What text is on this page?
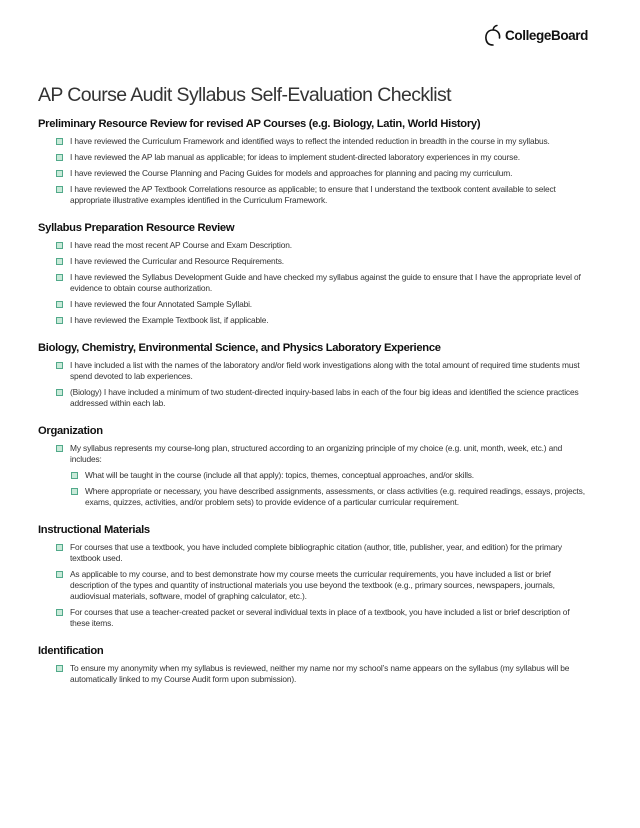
CollegeBoard
AP Course Audit Syllabus Self-Evaluation Checklist
Preliminary Resource Review for revised AP Courses (e.g. Biology, Latin, World History)
I have reviewed the Curriculum Framework and identified ways to reflect the intended reduction in breadth in the course in my syllabus.
I have reviewed the AP lab manual as applicable; for ideas to implement student-directed laboratory experiences in my course.
I have reviewed the Course Planning and Pacing Guides for models and approaches for planning and pacing my curriculum.
I have reviewed the AP Textbook Correlations resource as applicable; to ensure that I understand the textbook content available to select appropriate illustrative examples identified in the Curriculum Framework.
Syllabus Preparation Resource Review
I have read the most recent AP Course and Exam Description.
I have reviewed the Curricular and Resource Requirements.
I have reviewed the Syllabus Development Guide and have checked my syllabus against the guide to ensure that I have the appropriate level of evidence to obtain course authorization.
I have reviewed the four Annotated Sample Syllabi.
I have reviewed the Example Textbook list, if applicable.
Biology, Chemistry, Environmental Science, and Physics Laboratory Experience
I have included a list with the names of the laboratory and/or field work investigations along with the total amount of required time students must spend devoted to lab experiences.
(Biology) I have included a minimum of two student-directed inquiry-based labs in each of the four big ideas and identified the science practices addressed within each lab.
Organization
My syllabus represents my course-long plan, structured according to an organizing principle of my choice (e.g. unit, month, week, etc.) and includes:
What will be taught in the course (include all that apply): topics, themes, conceptual approaches, and/or skills.
Where appropriate or necessary, you have described assignments, assessments, or class activities (e.g. required readings, essays, projects, exams, quizzes, activities, and/or problem sets) to provide evidence of a particular curricular requirement.
Instructional Materials
For courses that use a textbook, you have included complete bibliographic citation (author, title, publisher, year, and edition) for the primary textbook used.
As applicable to my course, and to best demonstrate how my course meets the curricular requirements, you have included a list or brief description of the types and quantity of instructional materials you use beyond the textbook (e.g., primary sources, newspapers, journals, audiovisual materials, software, model of graphing calculator, etc.).
For courses that use a teacher-created packet or several individual texts in place of a textbook, you have included a list or brief description of these items.
Identification
To ensure my anonymity when my syllabus is reviewed, neither my name nor my school’s name appears on the syllabus (my syllabus will be automatically linked to my Course Audit form upon submission).
